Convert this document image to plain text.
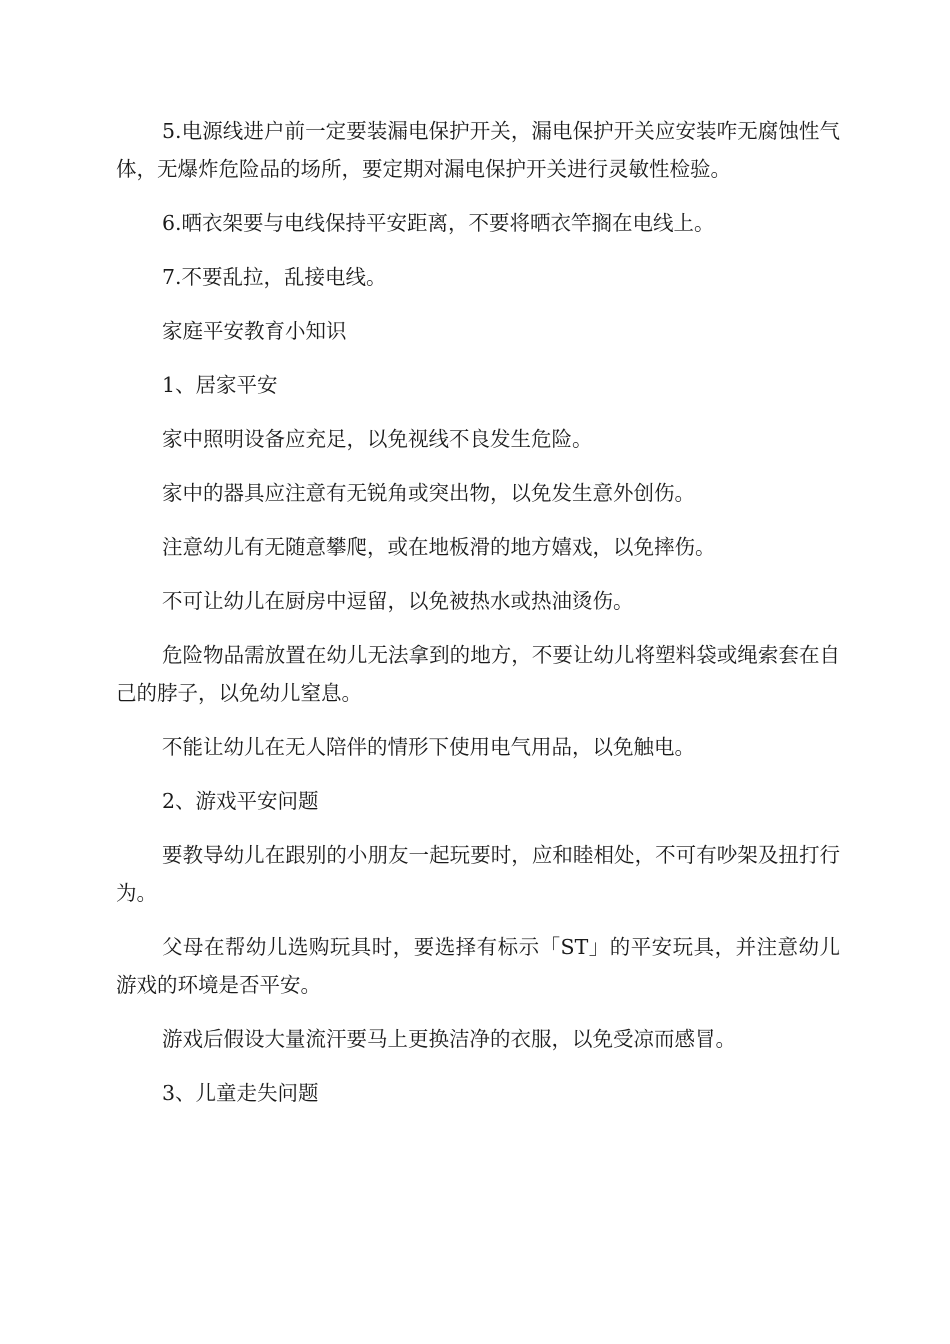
5.电源线进户前一定要装漏电保护开关，漏电保护开关应安装咋无腐蚀性气体，无爆炸危险品的场所，要定期对漏电保护开关进行灵敏性检验。

6.晒衣架要与电线保持平安距离，不要将晒衣竿搁在电线上。

7.不要乱拉，乱接电线。

家庭平安教育小知识

1、居家平安

家中照明设备应充足，以免视线不良发生危险。

家中的器具应注意有无锐角或突出物，以免发生意外创伤。

注意幼儿有无随意攀爬，或在地板滑的地方嬉戏，以免摔伤。

不可让幼儿在厨房中逗留，以免被热水或热油烫伤。

危险物品需放置在幼儿无法拿到的地方，不要让幼儿将塑料袋或绳索套在自己的脖子，以免幼儿窒息。

不能让幼儿在无人陪伴的情形下使用电气用品，以免触电。

2、游戏平安问题

要教导幼儿在跟别的小朋友一起玩要时，应和睦相处，不可有吵架及扭打行为。

父母在帮幼儿选购玩具时，要选择有标示「ST」的平安玩具，并注意幼儿游戏的环境是否平安。

游戏后假设大量流汗要马上更换洁净的衣服，以免受凉而感冒。

3、儿童走失问题
